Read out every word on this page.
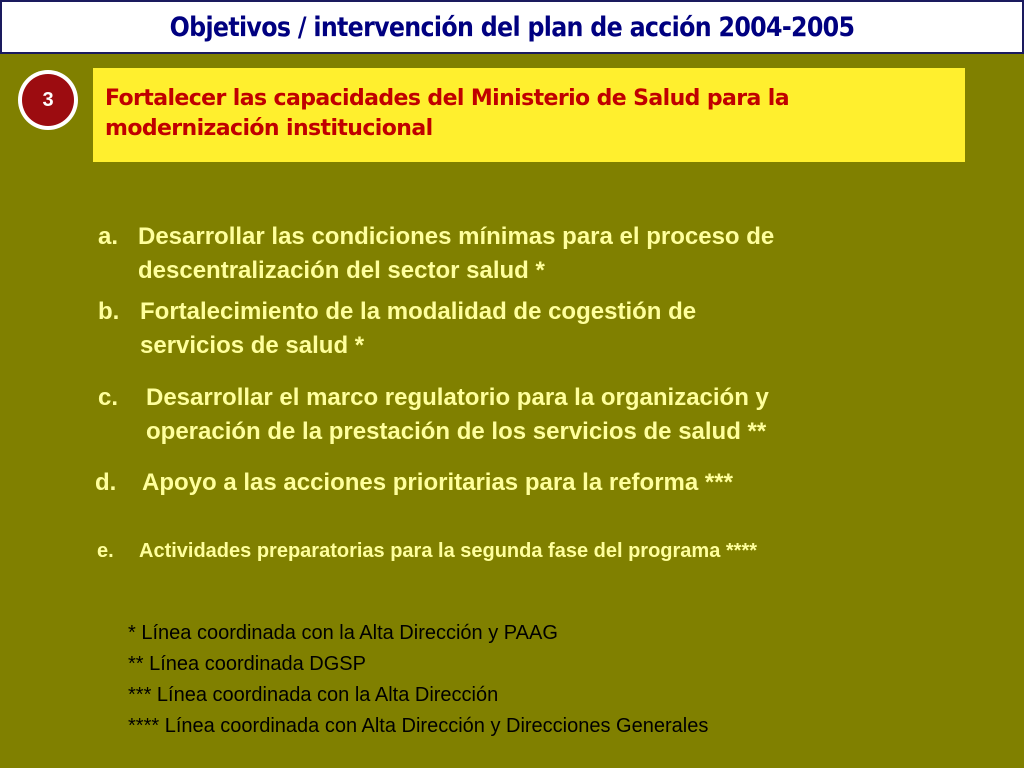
Objetivos / intervención del plan de acción 2004-2005
3	Fortalecer las capacidades del Ministerio de Salud para la
modernización institucional
a. Desarrollar las condiciones mínimas para el proceso de
descentralización del sector salud *
b. Fortalecimiento de la modalidad de cogestión de
servicios de salud *
c. Desarrollar el marco regulatorio para la organización y
operación de la prestación de los servicios de salud **
d. Apoyo a las acciones prioritarias para la reforma ***
e. Actividades preparatorias para la segunda fase del programa ****
* Línea coordinada con la Alta Dirección y PAAG
** Línea coordinada DGSP
*** Línea coordinada con la Alta Dirección
**** Línea coordinada con Alta Dirección y Direcciones Generales
